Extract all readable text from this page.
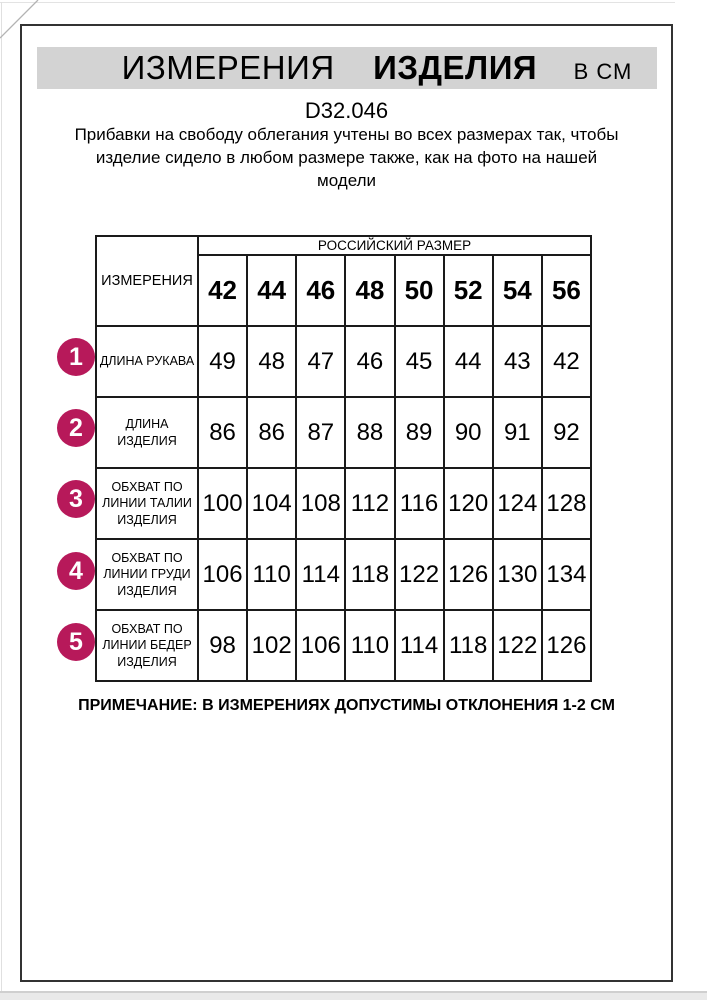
ИЗМЕРЕНИЯ ИЗДЕЛИЯ В СМ
D32.046
Прибавки на свободу облегания учтены во всех размерах так, чтобы
изделие сидело в любом размере также, как на фото на нашей
модели
ИЗМЕРЕНИЯ	РОССИЙСКИЙ РАЗМЕР							
	42	44	46	48	50	52	54	56
ДЛИНА РУКАВА	49	48	47	46	45	44	43	42
ДЛИНА ИЗДЕЛИЯ	86	86	87	88	89	90	91	92
ОБХВАТ ПО ЛИНИИ ТАЛИИ ИЗДЕЛИЯ	100	104	108	112	116	120	124	128
ОБХВАТ ПО ЛИНИИ ГРУДИ ИЗДЕЛИЯ	106	110	114	118	122	126	130	134
ОБХВАТ ПО ЛИНИИ БЕДЕР ИЗДЕЛИЯ	98	102	106	110	114	118	122	126
1
2
3
4
5
ПРИМЕЧАНИЕ: В ИЗМЕРЕНИЯХ ДОПУСТИМЫ ОТКЛОНЕНИЯ 1-2 СМ
